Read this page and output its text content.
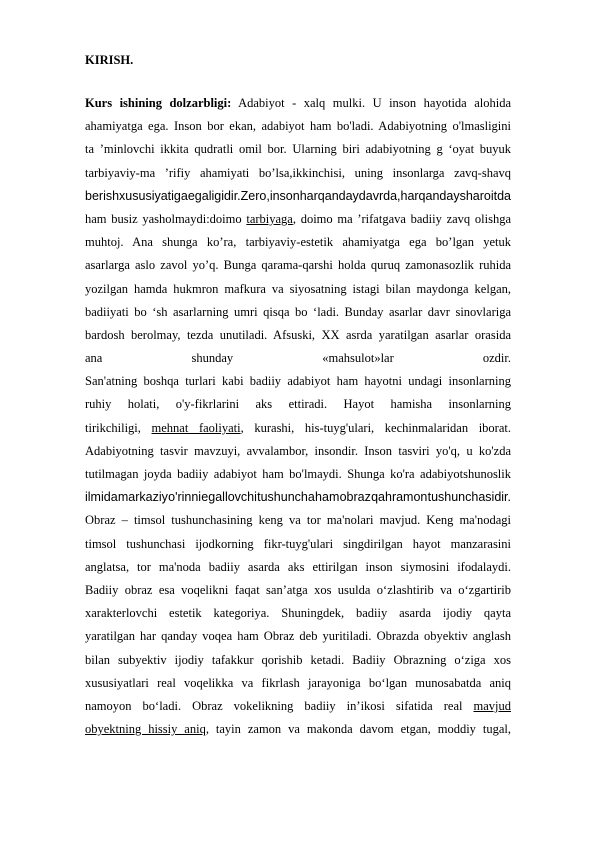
KIRISH.
Kurs ishining dolzarbligi: Adabiyot - xalq mulki. U inson hayotida alohida
ahamiyatga ega. Inson bor ekan, adabiyot ham bo'ladi. Adabiyotning o'lmasligini
ta ’minlovchi ikkita qudratli omil bor. Ularning biri adabiyotning g ‘oyat buyuk
tarbiyaviy-ma ’rifiy ahamiyati bo’lsa,ikkinchisi, uning insonlarga zavq-shavq
berish xususiyatiga egaligidir. Zero, inson har qanday davrda, har qanday sharoitda
ham busiz yasholmaydi:doimo tarbiyaga, doimo ma ’rifatgava badiiy zavq olishga
muhtoj. Ana shunga ko’ra, tarbiyaviy-estetik ahamiyatga ega bo’lgan yetuk
asarlarga aslo zavol yo’q. Bunga qarama-qarshi holda quruq zamonasozlik ruhida
yozilgan hamda hukmron mafkura va siyosatning istagi bilan maydonga kelgan,
badiiyati bo ‘sh asarlarning umri qisqa bo ‘ladi. Bunday asarlar davr sinovlariga
bardosh berolmay, tezda unutiladi. Afsuski, XX asrda yaratilgan asarlar orasida
ana shunday «mahsulot»lar ozdir.
San'atning boshqa turlari kabi badiiy adabiyot ham hayotni undagi insonlarning
ruhiy holati, o'y-fikrlarini aks ettiradi. Hayot hamisha insonlarning
tirikchiligi, mehnat faoliyati, kurashi, his-tuyg'ulari, kechinmalaridan iborat.
Adabiyotning tasvir mavzuyi, avvalambor, insondir. Inson tasviri yo'q, u ko'zda
tutilmagan joyda badiiy adabiyot ham bo'lmaydi. Shunga ko'ra adabiyotshunoslik
ilmida markaziy o'rinni egallovchi tushuncha ham obraz qahramon tushunchasidir.
Obraz – timsol tushunchasining keng va tor ma'nolari mavjud. Keng ma'nodagi
timsol tushunchasi ijodkorning fikr-tuyg'ulari singdirilgan hayot manzarasini
anglatsa, tor ma'noda badiiy asarda aks ettirilgan inson siymosini ifodalaydi.
Badiiy obraz esa voqelikni faqat san’atga xos usulda o‘zlashtirib va o‘zgartirib
xarakterlovchi estetik kategoriya. Shuningdek, badiiy asarda ijodiy qayta
yaratilgan har qanday voqea ham Obraz deb yuritiladi. Obrazda obyektiv anglash
bilan subyektiv ijodiy tafakkur qorishib ketadi. Badiiy Obrazning o‘ziga xos
xususiyatlari real voqelikka va fikrlash jarayoniga bo‘lgan munosabatda aniq
namoyon bo‘ladi. Obraz vokelikning badiiy in’ikosi sifatida real mavjud
obyektning hissiy aniq, tayin zamon va makonda davom etgan, moddiy tugal,
